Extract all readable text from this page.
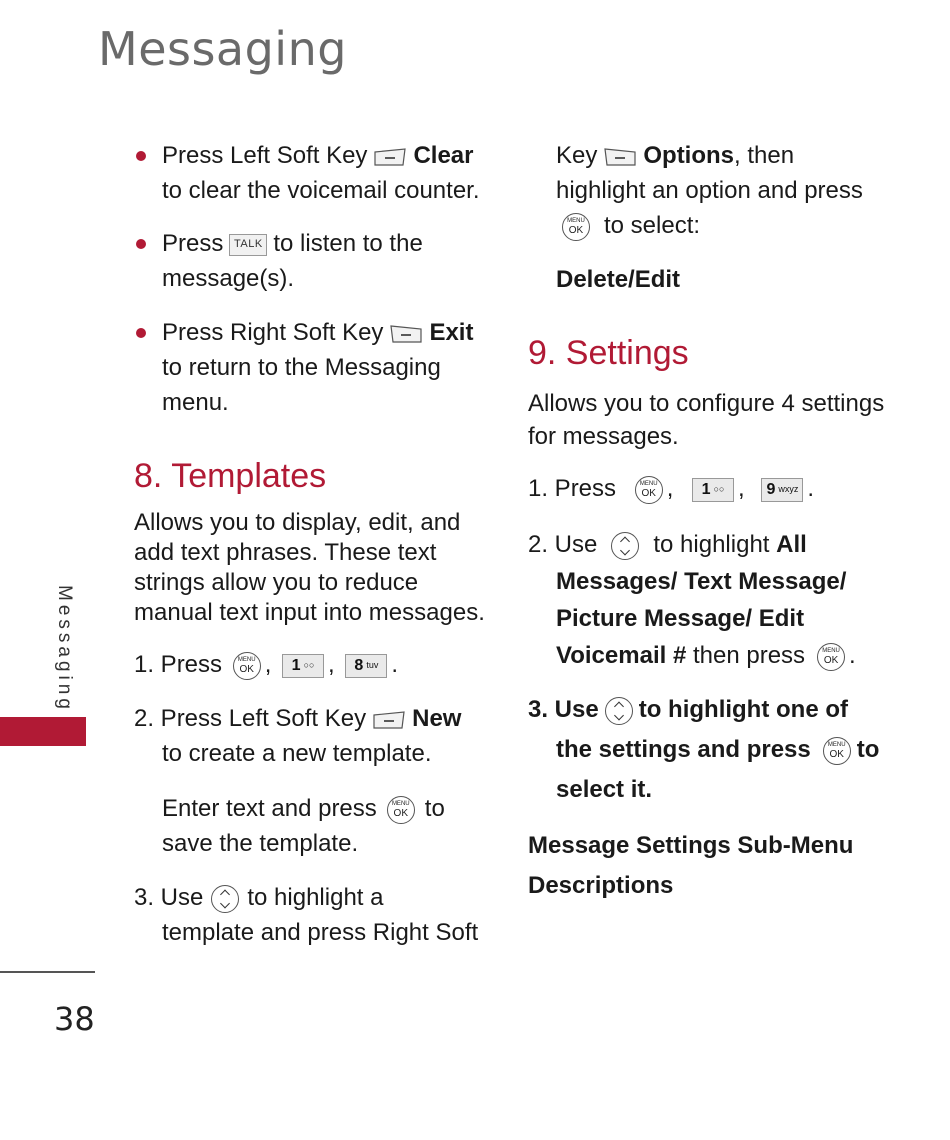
Messaging
Messaging
38

Press Left Soft Key Clear

to clear the voicemail counter.

Press TALK to listen to the

message(s).

Press Right Soft Key Exit

to return to the Messaging

menu.

8. Templates

Allows you to display, edit, and

add text phrases. These text

strings allow you to reduce

manual text input into messages.

1. Press	MENU
OK , 1 ○○ , 8 tuv .

2. Press Left Soft Key New

to create a new template.

Enter text and press	MENU
OK to

save the template.

3. Use to highlight a

template and press Right Soft

Key Options, then

highlight an option and press

MENU
OK to select:

Delete/Edit
9. Settings

Allows you to configure 4 settings

for messages.

1. Press	MENU
OK , 1 ○○ , 9 wxyz .

2. Use to highlight All

Messages/ Text Message/

Picture Message/ Edit

Voicemail # then press	MENU
OK .

3. Use to highlight one of

the settings and press	MENU
OK to

select it.

Message Settings Sub-Menu

Descriptions
